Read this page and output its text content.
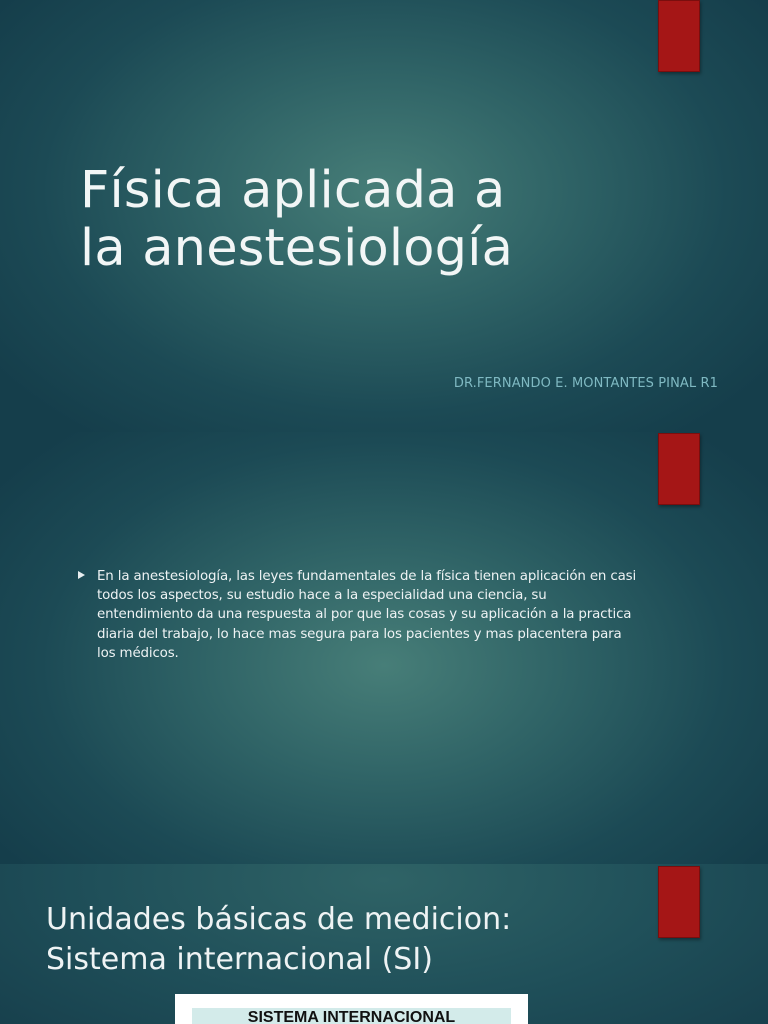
Física aplicada a
la anestesiología

DR.FERNANDO E. MONTANTES PINAL R1

En la anestesiología, las leyes fundamentales de la física tienen aplicación en casi todos los aspectos, su estudio hace a la especialidad una ciencia, su entendimiento da una respuesta al por que las cosas y su aplicación a la practica diaria del trabajo, lo hace mas segura para los pacientes y mas placentera para los médicos.

Unidades básicas de medicion:
Sistema internacional (SI)
SISTEMA INTERNACIONAL
